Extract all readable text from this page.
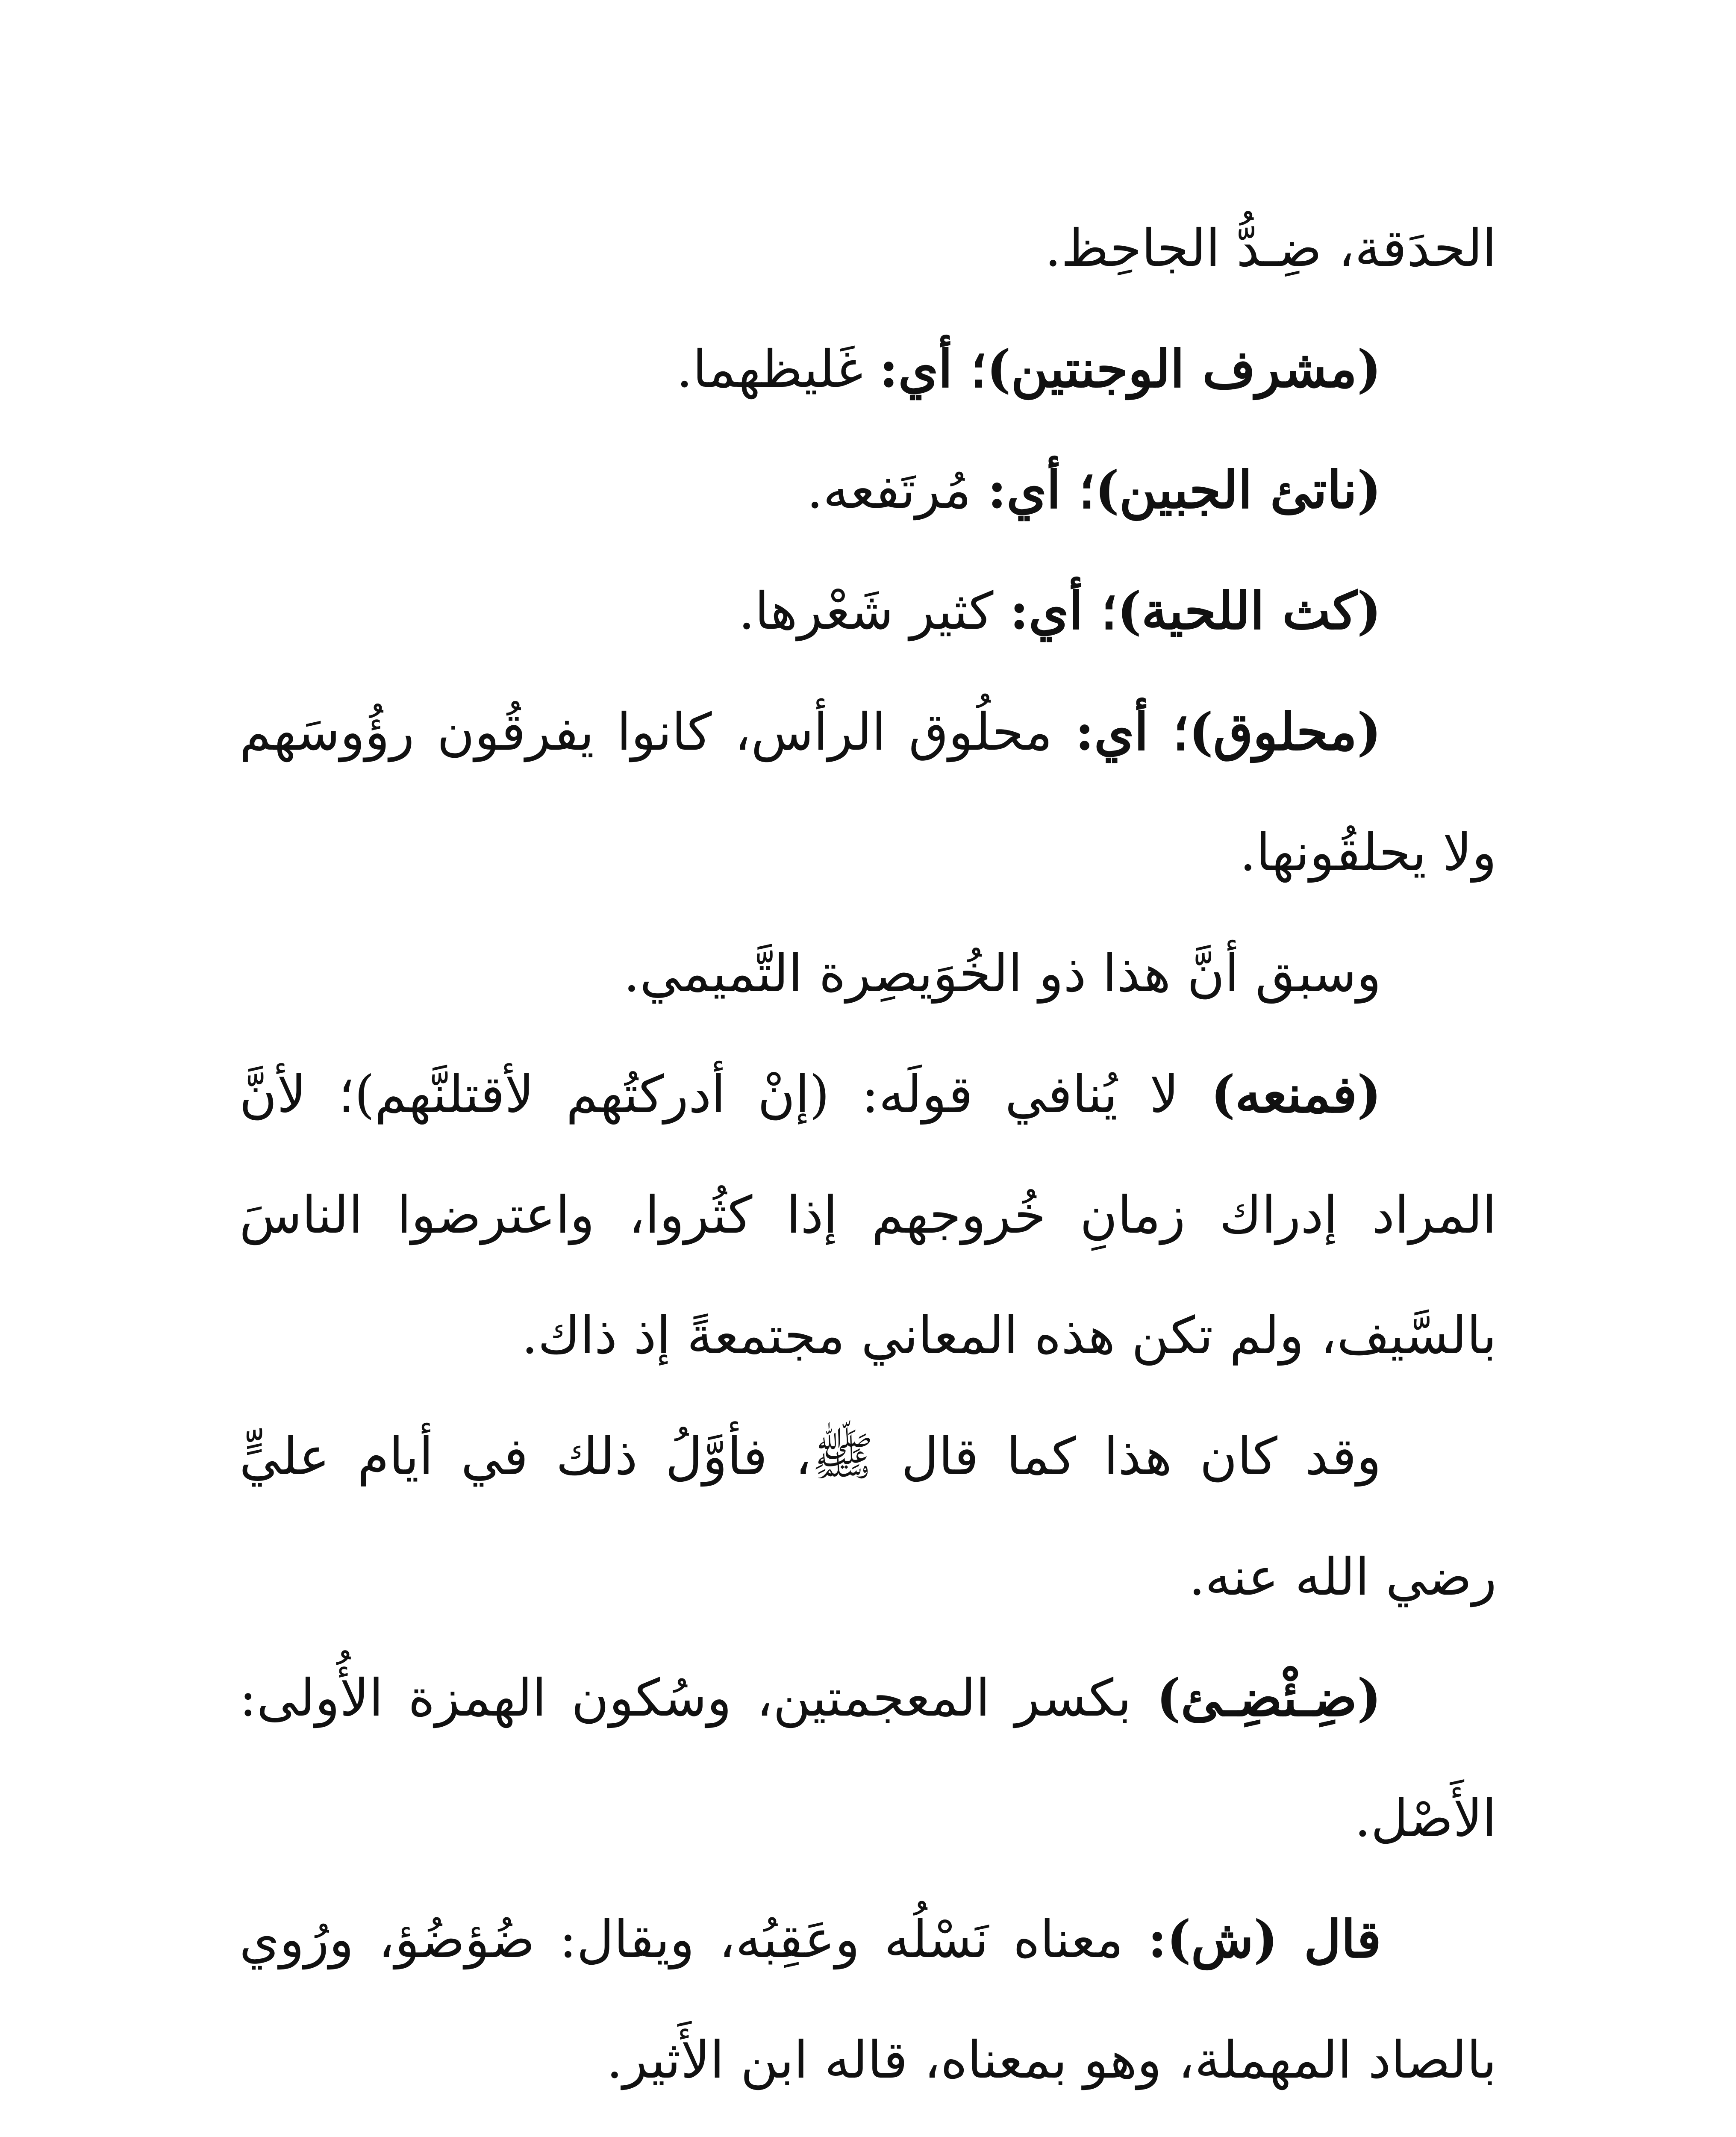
الحدَقة، ضِـدُّ الجاحِظ.

(مشرف الوجنتين)؛ أي: غَليظهما.

(ناتئ الجبين)؛ أي: مُرتَفعه.

(كث اللحية)؛ أي: كثير شَعْرها.

(محلوق)؛ أي: محلُوق الرأس، كانوا يفرقُون رؤُوسَهم ولا يحلقُونها.

وسبق أنَّ هذا ذو الخُوَيصِرة التَّميمي.

(فمنعه) لا يُنافي قولَه: (إنْ أدركتُهم لأقتلنَّهم)؛ لأنَّ المراد إدراك زمانِ خُروجهم إذا كثُروا، واعترضوا الناسَ بالسَّيف، ولم تكن هذه المعاني مجتمعةً إذ ذاك.

وقد كان هذا كما قال ﷺ، فأوَّلُ ذلك في أيام عليٍّ رضي الله عنه.

(ضِـئْضِـئ) بكسر المعجمتين، وسُكون الهمزة الأُولى: الأَصْل.

قال (ش): معناه نَسْلُه وعَقِبُه، ويقال: ضُؤضُؤ، ورُوي بالصاد المهملة، وهو بمعناه، قاله ابن الأَثير.
